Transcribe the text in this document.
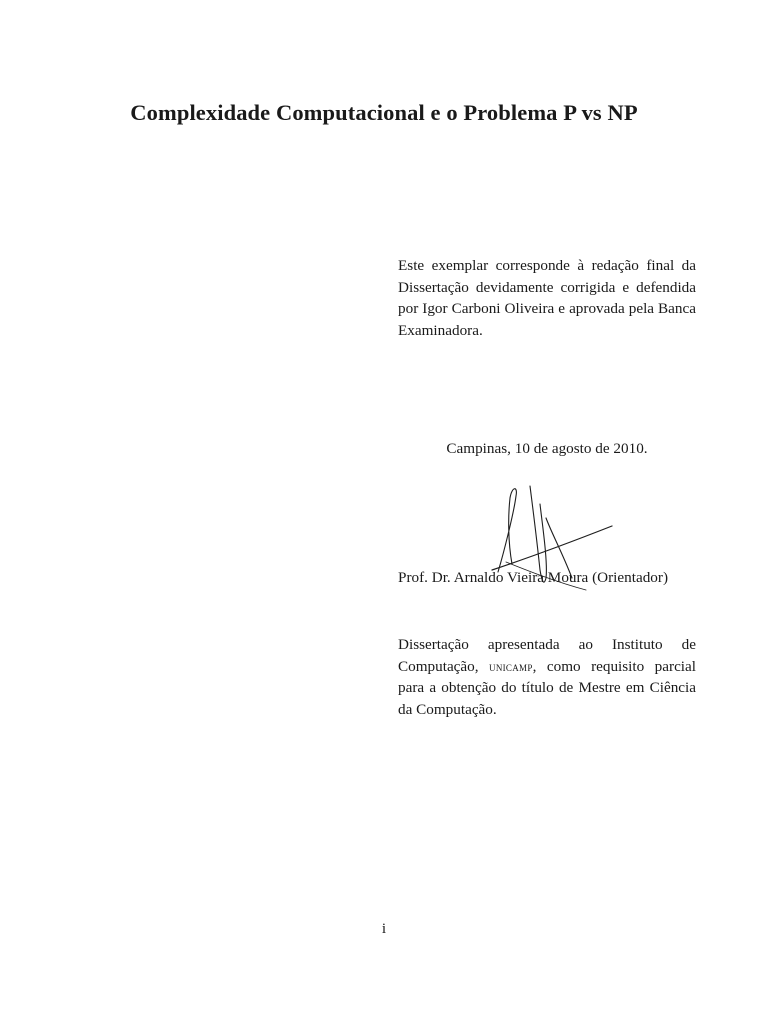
Complexidade Computacional e o Problema P vs NP

Este exemplar corresponde à redação final da Dissertação devidamente corrigida e defendida por Igor Carboni Oliveira e aprovada pela Banca Examinadora.

Campinas, 10 de agosto de 2010.

Prof. Dr. Arnaldo Vieira Moura (Orientador)

Dissertação apresentada ao Instituto de Computação, unicamp, como requisito parcial para a obtenção do título de Mestre em Ciência da Computação.

i
